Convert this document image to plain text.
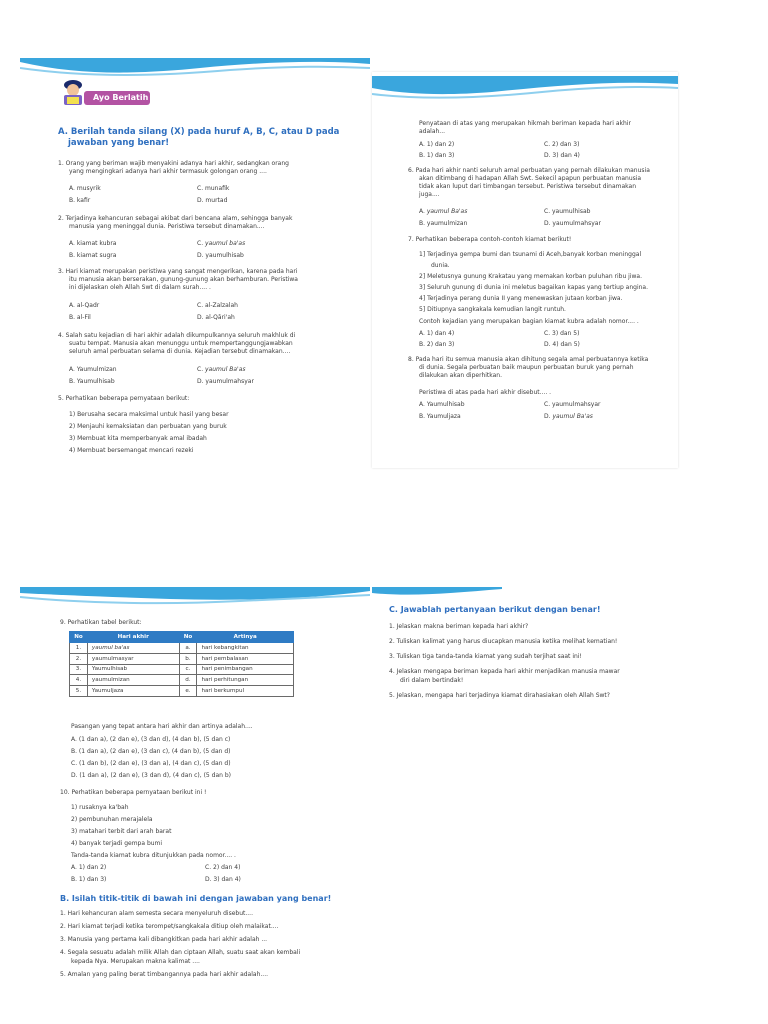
Ayo Berlatih
A. Berilah tanda silang (X) pada huruf A, B, C, atau D pada
jawaban yang benar!
1. Orang yang beriman wajib menyakini adanya hari akhir, sedangkan orang
yang mengingkari adanya hari akhir termasuk golongan orang ....
A. musyrik	C. munafik
B. kafir	D. murtad
2. Terjadinya kehancuran sebagai akibat dari bencana alam, sehingga banyak
manusia yang meninggal dunia. Peristiwa tersebut dinamakan....
A. kiamat kubra	C. yaumul ba'as
B. kiamat sugra	D. yaumulhisab
3. Hari kiamat merupakan peristiwa yang sangat mengerikan, karena pada hari
itu manusia akan berserakan, gunung-gunung akan berhamburan. Peristiwa
ini dijelaskan oleh Allah Swt di dalam surah.... .
A. al-Qadr	C. al-Zalzalah
B. al-Fil	D. al-Qāri'ah
4. Salah satu kejadian di hari akhir adalah dikumpulkannya seluruh makhluk di
suatu tempat. Manusia akan menunggu untuk mempertanggungjawabkan
seluruh amal perbuatan selama di dunia. Kejadian tersebut dinamakan....
A. Yaumulmizan	C. yaumul Ba'as
B. Yaumulhisab	D. yaumulmahsyar
5. Perhatikan beberapa pernyataan berikut:
1) Berusaha secara maksimal untuk hasil yang besar
2) Menjauhi kemaksiatan dan perbuatan yang buruk
3) Membuat kita memperbanyak amal ibadah
4) Membuat bersemangat mencari rezeki
Penyataan di atas yang merupakan hikmah beriman kepada hari akhir
adalah...
A. 1) dan 2)	C. 2) dan 3)
B. 1) dan 3)	D. 3) dan 4)
6. Pada hari akhir nanti seluruh amal perbuatan yang pernah dilakukan manusia
akan ditimbang di hadapan Allah Swt. Sekecil apapun perbuatan manusia
tidak akan luput dari timbangan tersebut. Peristiwa tersebut dinamakan
juga....
A. yaumul Ba'as	C. yaumulhisab
B. yaumulmizan	D. yaumulmahsyar
7. Perhatikan beberapa contoh-contoh kiamat berikut!
1] Terjadinya gempa bumi dan tsunami di Aceh,banyak korban meninggal
dunia.
2] Meletusnya gunung Krakatau yang memakan korban puluhan ribu jiwa.
3] Seluruh gunung di dunia ini meletus bagaikan kapas yang tertiup angina.
4] Terjadinya perang dunia II yang menewaskan jutaan korban jiwa.
5] Ditiupnya sangkakala kemudian langit runtuh.
Contoh kejadian yang merupakan bagian kiamat kubra adalah nomor.... .
A. 1) dan 4)	C. 3) dan 5)
B. 2) dan 3)	D. 4) dan 5)
8. Pada hari itu semua manusia akan dihitung segala amal perbuatannya ketika
di dunia. Segala perbuatan baik maupun perbuatan buruk yang pernah
dilakukan akan diperhitkan.
Peristiwa di atas pada hari akhir disebut.... .
A. Yaumulhisab	C. yaumulmahsyar
B. Yaumuljaza	D. yaumul Ba'as
9. Perhatikan tabel berikut:
No	Hari akhir	No	Artinya
1.	yaumul ba'as	a.	hari kebangkitan
2.	yaumulmasyar	b.	hari pembalasan
3.	Yaumulhisab	c.	hari penimbangan
4.	yaumulmizan	d.	hari perhitungan
5.	Yaumuljaza	e.	hari berkumpul
Pasangan yang tepat antara hari akhir dan artinya adalah....
A. (1 dan a), (2 dan e), (3 dan d), (4 dan b), (5 dan c)
B. (1 dan a), (2 dan e), (3 dan c), (4 dan b), (5 dan d)
C. (1 dan b), (2 dan e), (3 dan a), (4 dan c), (5 dan d)
D. (1 dan a), (2 dan e), (3 dan d), (4 dan c), (5 dan b)
10. Perhatikan beberapa pernyataan berikut ini !
1) rusaknya ka'bah
2) pembunuhan merajalela
3) matahari terbit dari arah barat
4) banyak terjadi gempa bumi
Tanda-tanda kiamat kubra ditunjukkan pada nomor.... .
A. 1) dan 2)	C. 2) dan 4)
B. 1) dan 3)	D. 3) dan 4)
B. Isilah titik-titik di bawah ini dengan jawaban yang benar!
1. Hari kehancuran alam semesta secara menyeluruh disebut....
2. Hari kiamat terjadi ketika terompet/sangkakala ditiup oleh malaikat....
3. Manusia yang pertama kali dibangkitkan pada hari akhir adalah ...
4. Segala sesuatu adalah milik Allah dan ciptaan Allah, suatu saat akan kembali
kepada Nya. Merupakan makna kalimat ....
5. Amalan yang paling berat timbangannya pada hari akhir adalah....
C. Jawablah pertanyaan berikut dengan benar!
1. Jelaskan makna beriman kepada hari akhir?
2. Tuliskan kalimat yang harus diucapkan manusia ketika melihat kematian!
3. Tuliskan tiga tanda-tanda kiamat yang sudah terjihat saat ini!
4. Jelaskan mengapa beriman kepada hari akhir menjadikan manusia mawar
diri dalam bertindak!
5. Jelaskan, mengapa hari terjadinya kiamat dirahasiakan oleh Allah Swt?
